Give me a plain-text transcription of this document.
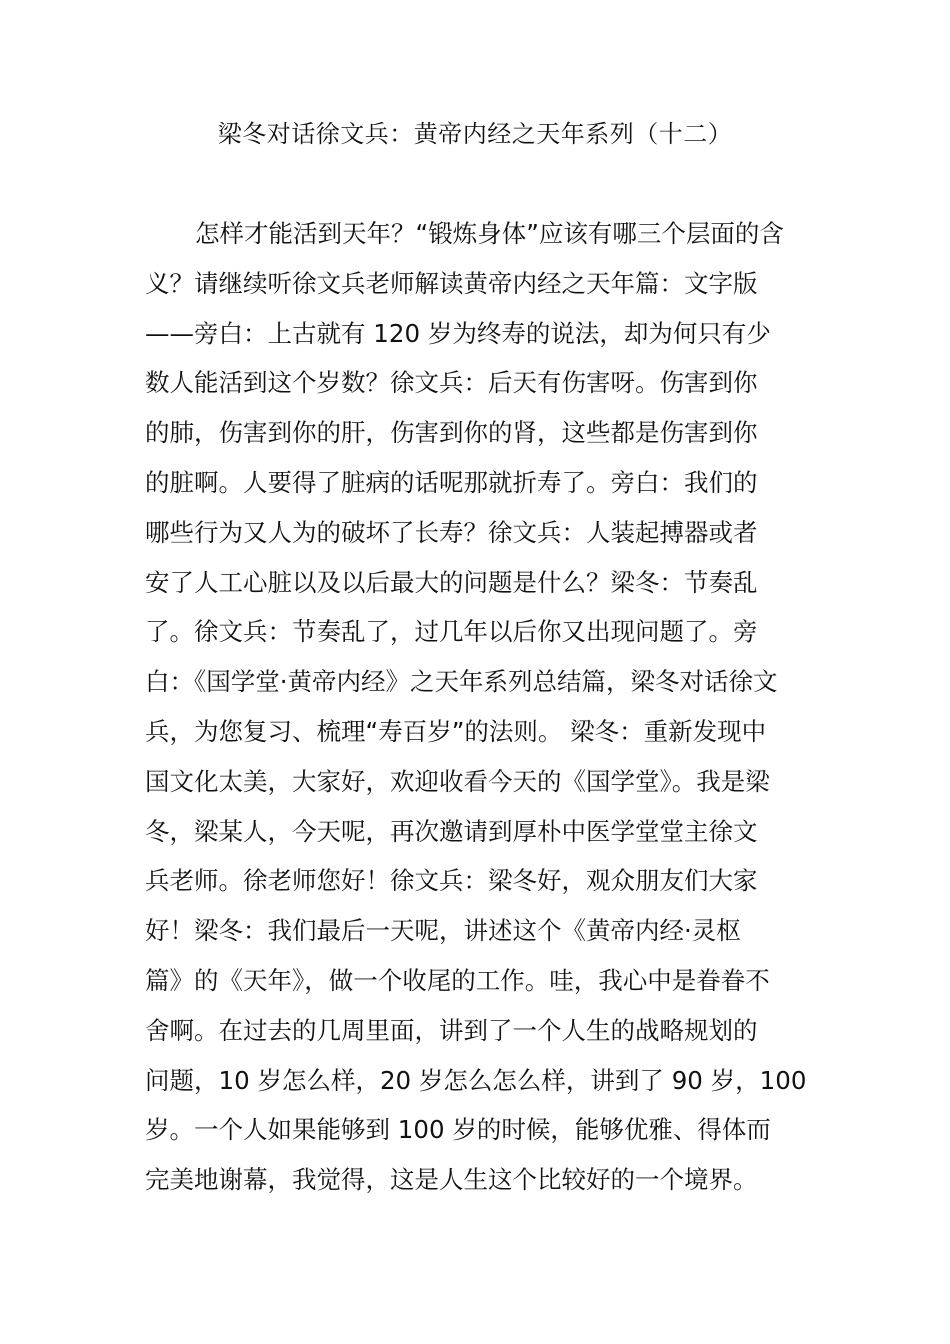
梁冬对话徐文兵：黄帝内经之天年系列（十二）
怎样才能活到天年？“锻炼身体”应该有哪三个层面的含
义？请继续听徐文兵老师解读黄帝内经之天年篇：文字版
——旁白：上古就有 120 岁为终寿的说法，却为何只有少
数人能活到这个岁数？徐文兵：后天有伤害呀。伤害到你
的肺，伤害到你的肝，伤害到你的肾，这些都是伤害到你
的脏啊。人要得了脏病的话呢那就折寿了。旁白：我们的
哪些行为又人为的破坏了长寿？徐文兵：人装起搏器或者
安了人工心脏以及以后最大的问题是什么？梁冬：节奏乱
了。徐文兵：节奏乱了，过几年以后你又出现问题了。旁
白：《国学堂·黄帝内经》之天年系列总结篇，梁冬对话徐文
兵，为您复习、梳理“寿百岁”的法则。 梁冬：重新发现中
国文化太美，大家好，欢迎收看今天的《国学堂》。我是梁
冬，梁某人，今天呢，再次邀请到厚朴中医学堂堂主徐文
兵老师。徐老师您好！徐文兵：梁冬好，观众朋友们大家
好！梁冬：我们最后一天呢，讲述这个《黄帝内经·灵枢
篇》的《天年》，做一个收尾的工作。哇，我心中是眷眷不
舍啊。在过去的几周里面，讲到了一个人生的战略规划的
问题，10 岁怎么样，20 岁怎么怎么样，讲到了 90 岁，100
岁。一个人如果能够到 100 岁的时候，能够优雅、得体而
完美地谢幕，我觉得，这是人生这个比较好的一个境界。
